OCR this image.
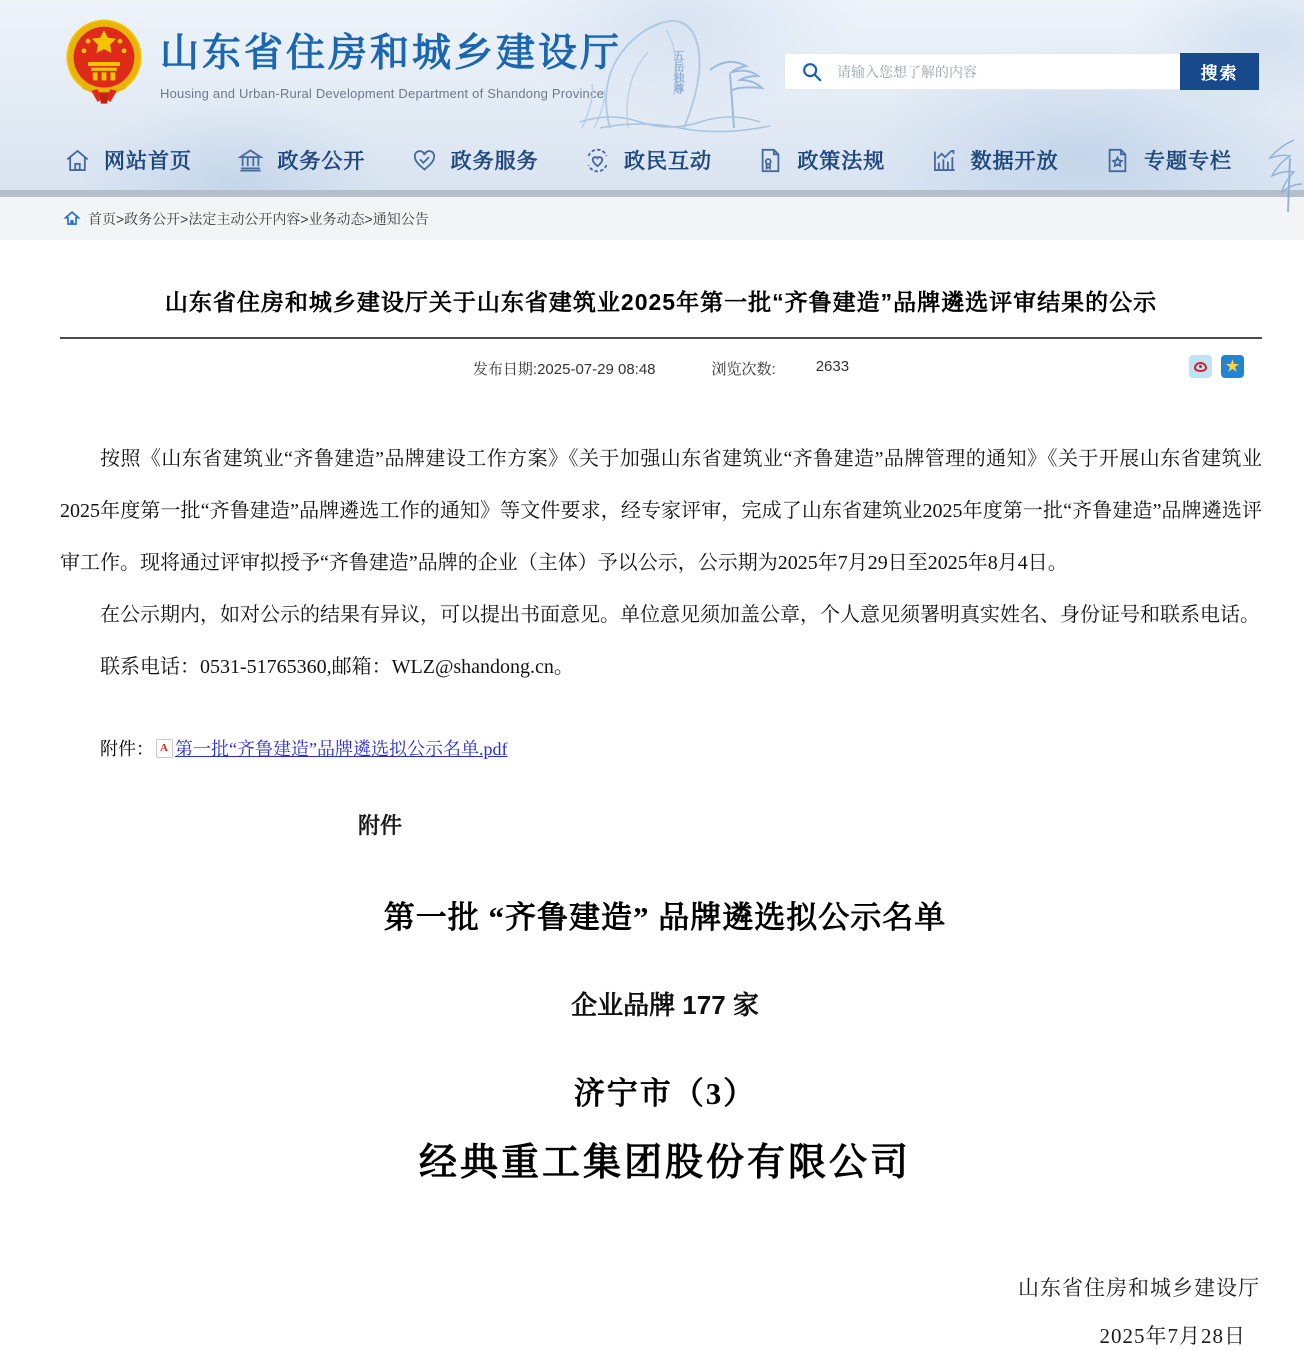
山东省住房和城乡建设厅
Housing and Urban-Rural Development Department of Shandong Province	五岳独尊
请输入您想了解的内容	搜索
网站首页	政务公开	政务服务	政民互动	政策法规	数据开放	专题专栏
首页>政务公开>法定主动公开内容>业务动态>通知公告
山东省住房和城乡建设厅关于山东省建筑业2025年第一批“齐鲁建造”品牌遴选评审结果的公示
发布日期:2025-07-29 08:48	浏览次数:	2633	★

按照《山东省建筑业“齐鲁建造”品牌建设工作方案》《关于加强山东省建筑业“齐鲁建造”品牌管理的通知》《关于开展山东省建筑业2025年度第一批“齐鲁建造”品牌遴选工作的通知》等文件要求，经专家评审，完成了山东省建筑业2025年度第一批“齐鲁建造”品牌遴选评审工作。现将通过评审拟授予“齐鲁建造”品牌的企业（主体）予以公示，公示期为2025年7月29日至2025年8月4日。

在公示期内，如对公示的结果有异议，可以提出书面意见。单位意见须加盖公章，个人意见须署明真实姓名、身份证号和联系电话。

联系电话：0531-51765360,邮箱：WLZ@shandong.cn。

附件： A 第一批“齐鲁建造”品牌遴选拟公示名单.pdf
附件
第一批 “齐鲁建造” 品牌遴选拟公示名单
企业品牌 177 家
济宁市（3）
经典重工集团股份有限公司
山东省住房和城乡建设厅
2025年7月28日
